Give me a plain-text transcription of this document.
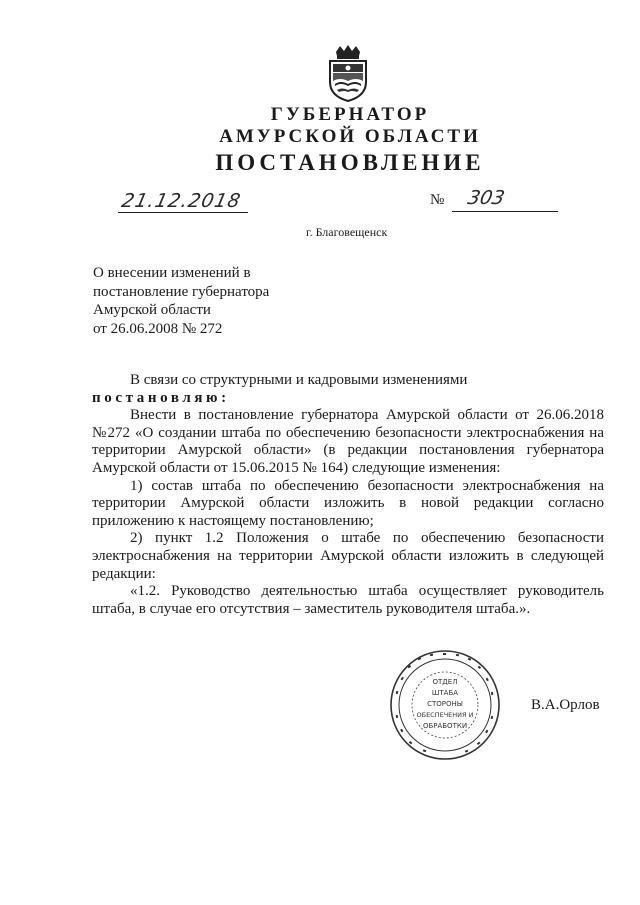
ГУБЕРНАТОР
АМУРСКОЙ ОБЛАСТИ
ПОСТАНОВЛЕНИЕ
21.12.2018	№ 303
г. Благовещенск
О внесении изменений в
постановление губернатора
Амурской области
от 26.06.2008 № 272

В связи со структурными и кадровыми изменениями

постановляю:

Внести в постановление губернатора Амурской области от 26.06.2018 №272 «О создании штаба по обеспечению безопасности электроснабжения на территории Амурской области» (в редакции постановления губернатора Амурской области от 15.06.2015 № 164) следующие изменения:

1) состав штаба по обеспечению безопасности электроснабжения на территории Амурской области изложить в новой редакции согласно приложению к настоящему постановлению;

2) пункт 1.2 Положения о штабе по обеспечению безопасности электроснабжения на территории Амурской области изложить в следующей редакции:

«1.2. Руководство деятельностью штаба осуществляет руководитель штаба, в случае его отсутствия – заместитель руководителя штаба.».

ОТДЕЛ
ШТАБА
СТОРОНЫ
ОБЕСПЕЧЕНИЯ И
ОБРАБОТКИ
В.А.Орлов
